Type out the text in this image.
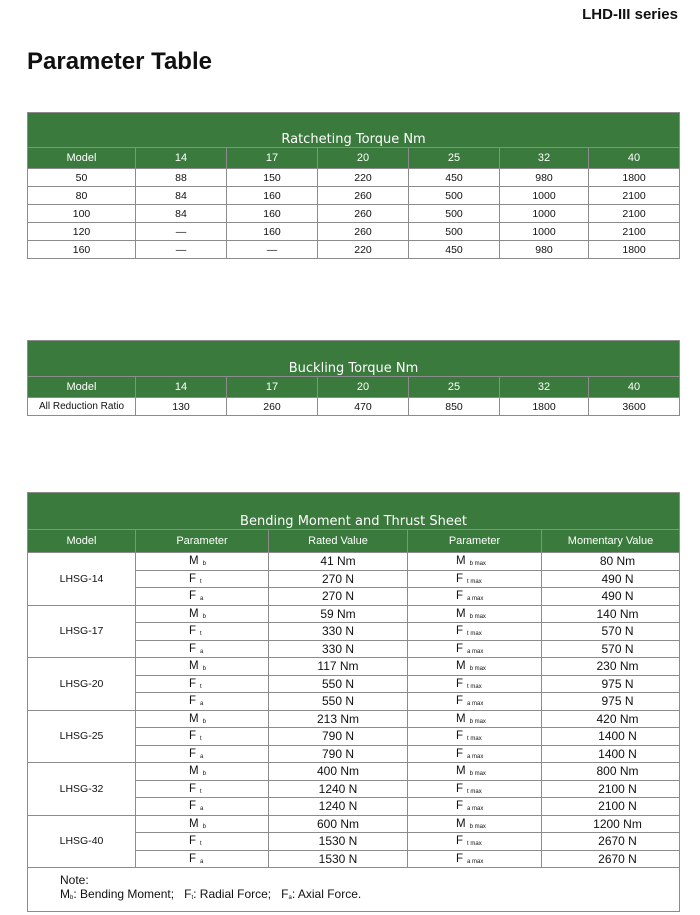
LHD-III series
Parameter Table
Ratcheting Torque Nm						
Model	14	17	20	25	32	40
50	88	150	220	450	980	1800
80	84	160	260	500	1000	2100
100	84	160	260	500	1000	2100
120	—	160	260	500	1000	2100
160	—	—	220	450	980	1800
Buckling Torque Nm						
Model	14	17	20	25	32	40
All Reduction Ratio	130	260	470	850	1800	3600
Bending Moment and Thrust Sheet				
Model	Parameter	Rated Value	Parameter	Momentary Value
LHSG-14	M $_b$	41 Nm	M $_{b max}$	80 Nm
	F $_t$	270 N	F $_{t max}$	490 N
	F $_a$	270 N	F $_{a max}$	490 N
LHSG-17	M $_b$	59 Nm	M $_{b max}$	140 Nm
	F $_t$	330 N	F $_{t max}$	570 N
	F $_a$	330 N	F $_{a max}$	570 N
LHSG-20	M $_b$	117 Nm	M $_{b max}$	230 Nm
	F $_t$	550 N	F $_{t max}$	975 N
	F $_a$	550 N	F $_{a max}$	975 N
LHSG-25	M $_b$	213 Nm	M $_{b max}$	420 Nm
	F $_t$	790 N	F $_{t max}$	1400 N
	F $_a$	790 N	F $_{a max}$	1400 N
LHSG-32	M $_b$	400 Nm	M $_{b max}$	800 Nm
	F $_t$	1240 N	F $_{t max}$	2100 N
	F $_a$	1240 N	F $_{a max}$	2100 N
LHSG-40	M $_b$	600 Nm	M $_{b max}$	1200 Nm
	F $_t$	1530 N	F $_{t max}$	2670 N
	F $_a$	1530 N	F $_{a max}$	2670 N

Note:
$M_b$: Bending Moment; $F_t$: Radial Force; $F_a$: Axial Force.				
